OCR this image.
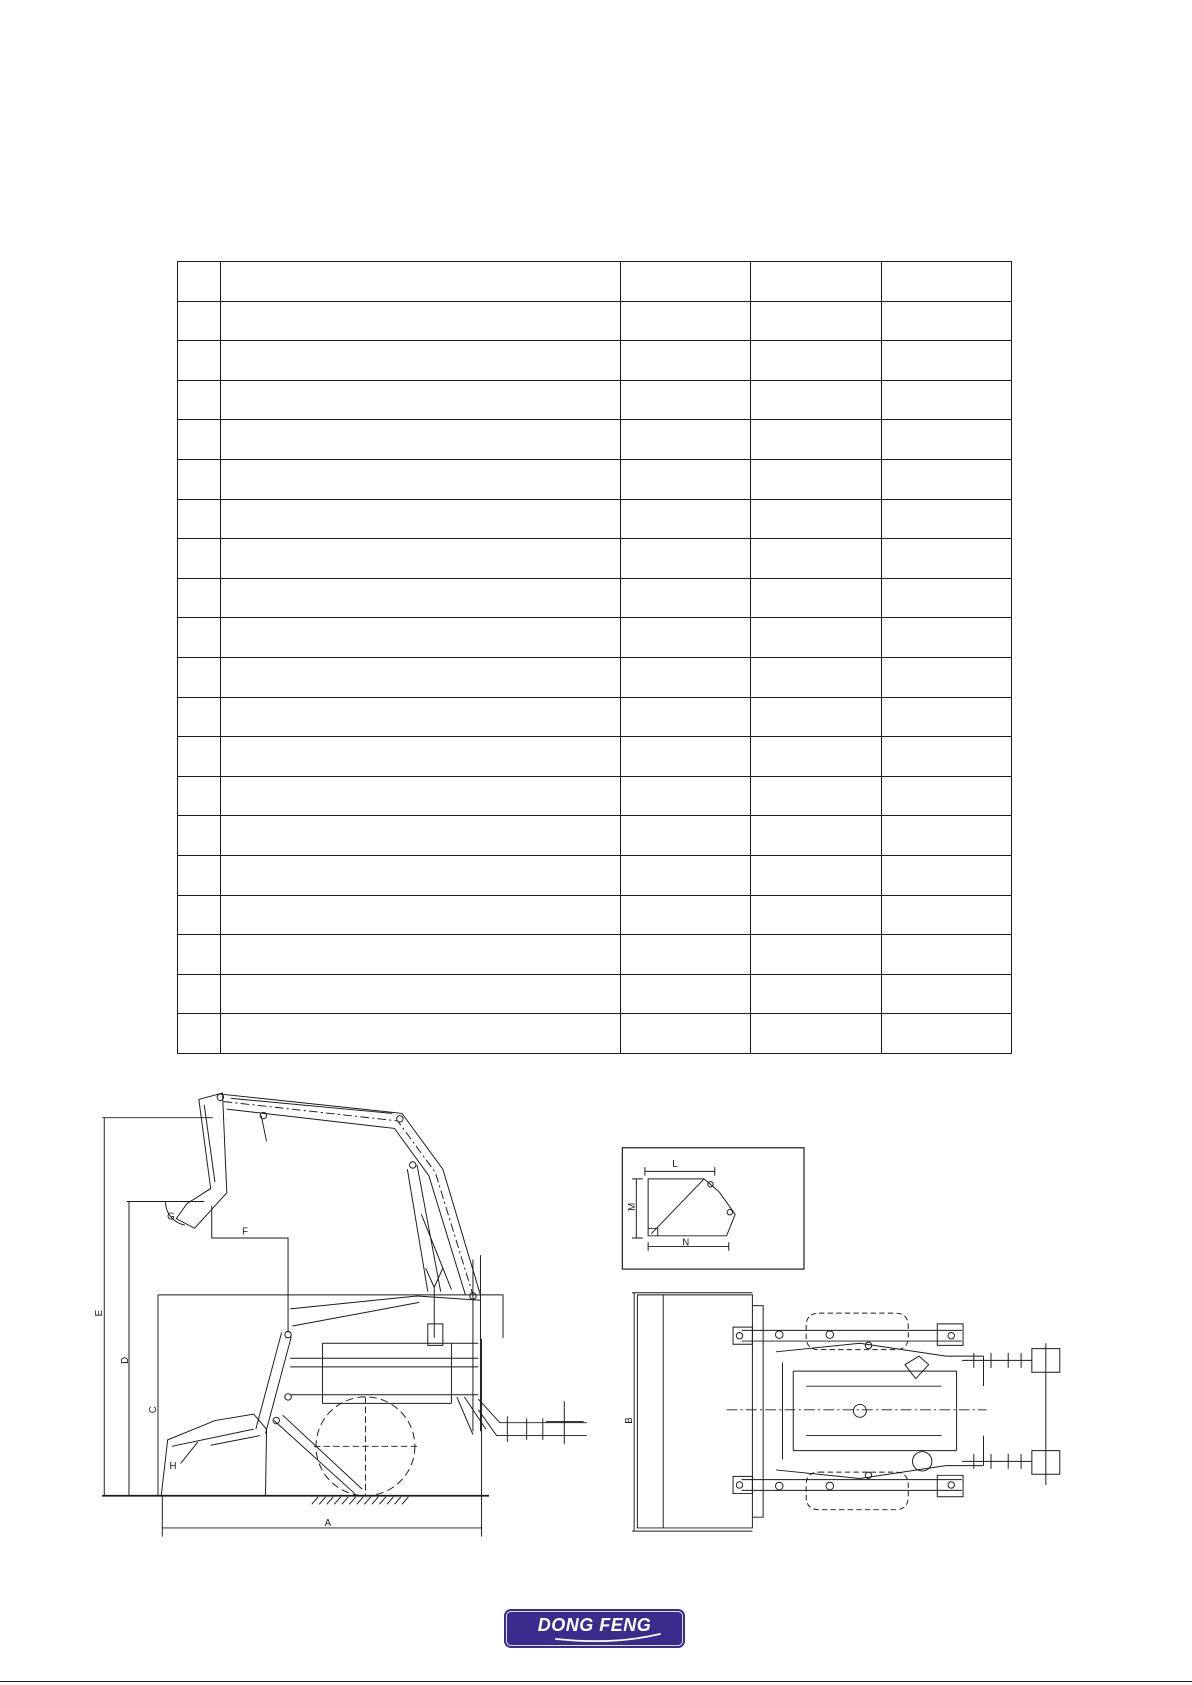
E
D
C
F
G
H
A
L
M
N
B
DONG FENG
